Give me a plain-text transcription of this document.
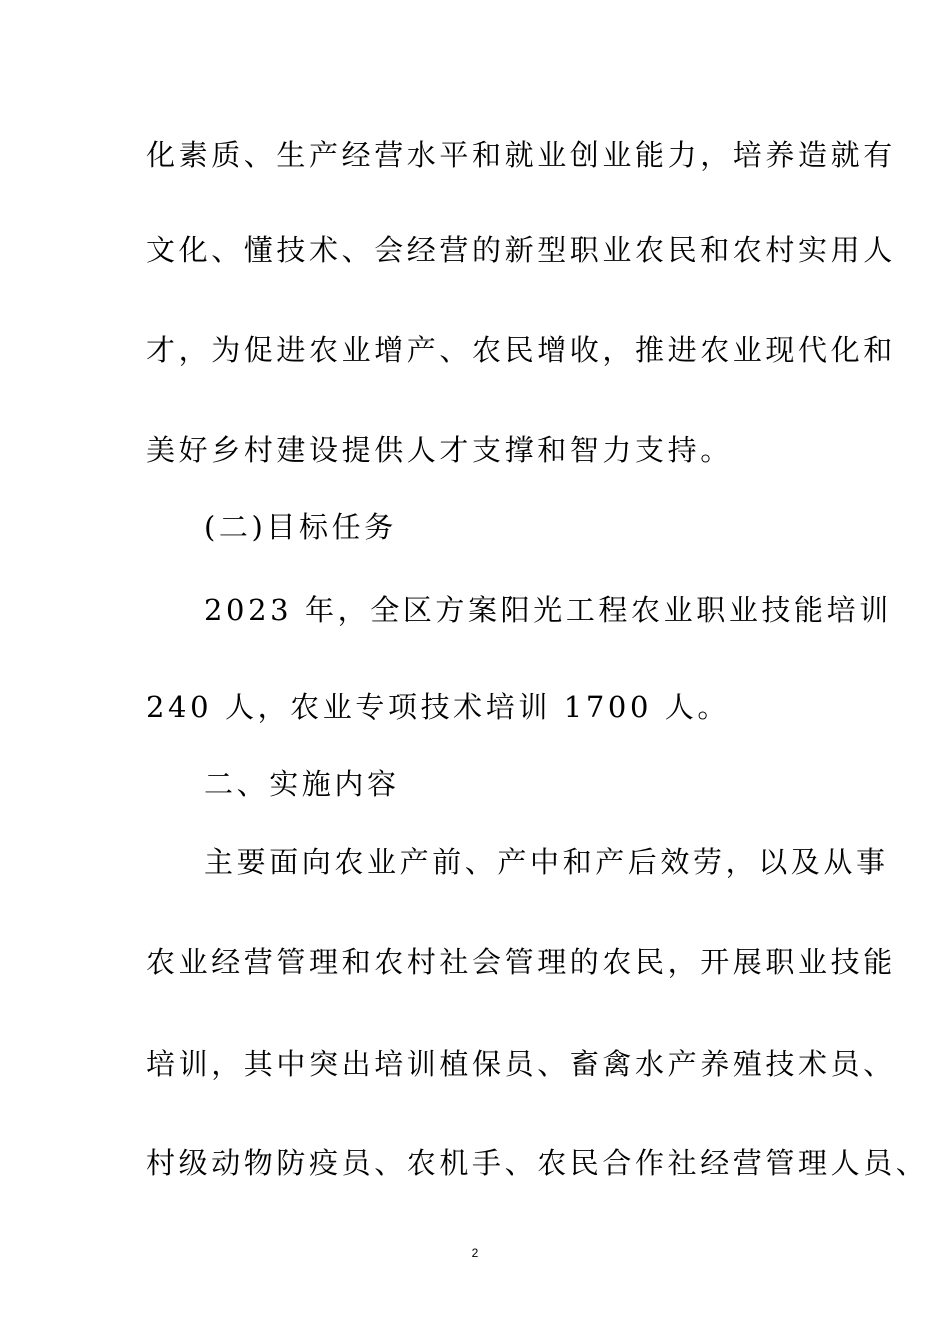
化素质、生产经营水平和就业创业能力，培养造就有
文化、懂技术、会经营的新型职业农民和农村实用人
才，为促进农业增产、农民增收，推进农业现代化和
美好乡村建设提供人才支撑和智力支持。
(二)目标任务
2023 年，全区方案阳光工程农业职业技能培训
240 人，农业专项技术培训 1700 人。
二、实施内容
主要面向农业产前、产中和产后效劳，以及从事
农业经营管理和农村社会管理的农民，开展职业技能
培训，其中突出培训植保员、畜禽水产养殖技术员、
村级动物防疫员、农机手、农民合作社经营管理人员、
2
